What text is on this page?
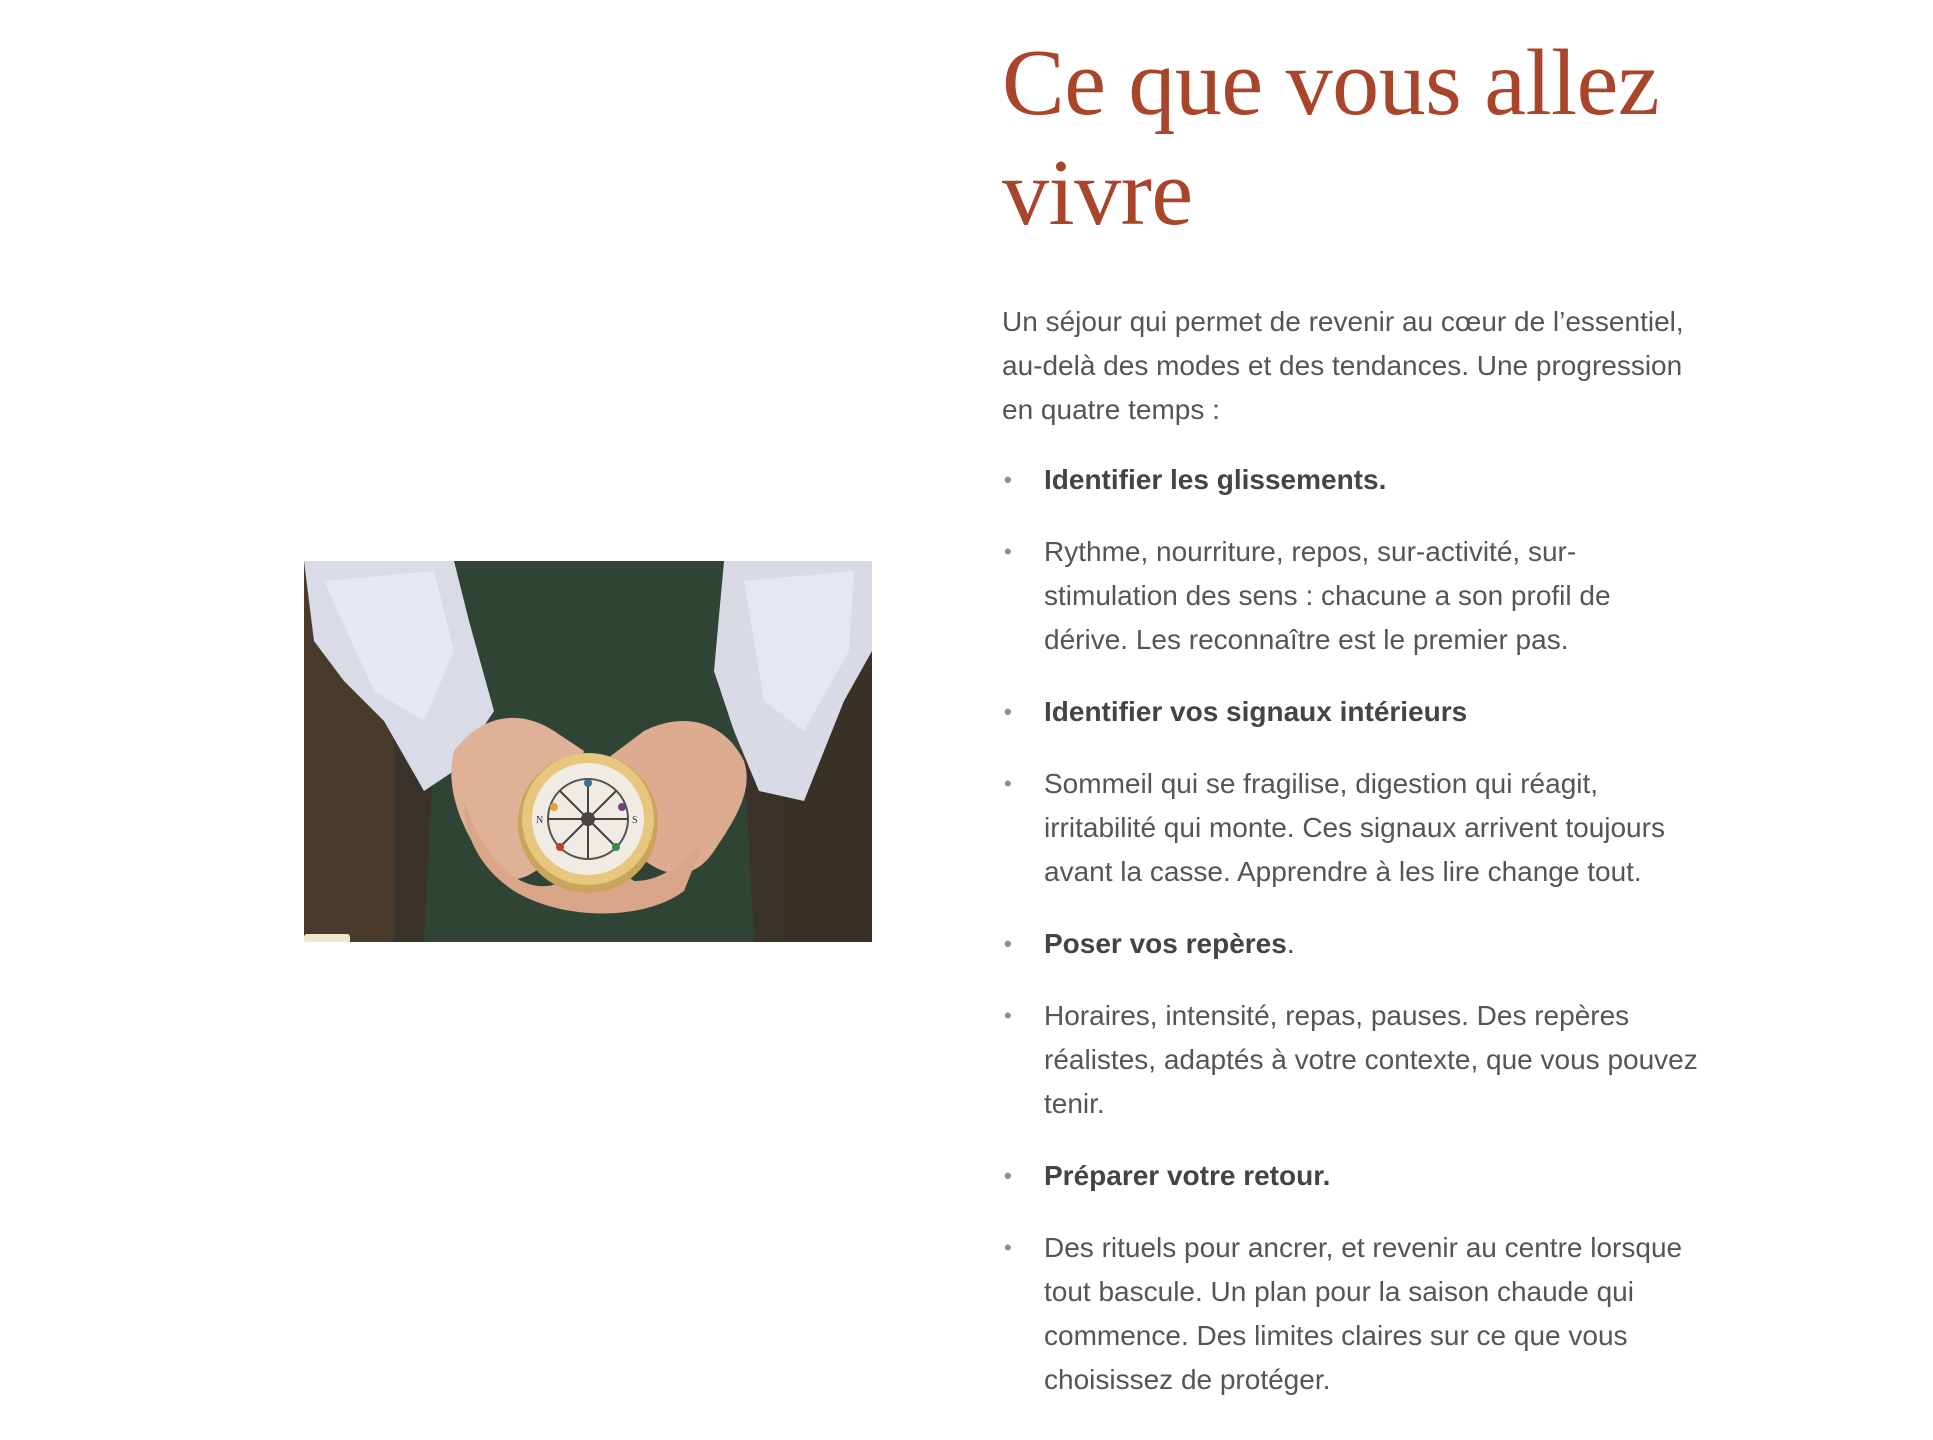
N	S
Ce que vous allez vivre

Un séjour qui permet de revenir au cœur de l’essentiel, au-delà des modes et des tendances. Une progression en quatre temps :

• Identifier les glissements.
• Rythme, nourriture, repos, sur-activité, sur-stimulation des sens : chacune a son profil de dérive. Les reconnaître est le premier pas.
• Identifier vos signaux intérieurs
• Sommeil qui se fragilise, digestion qui réagit, irritabilité qui monte. Ces signaux arrivent toujours avant la casse. Apprendre à les lire change tout.
• Poser vos repères.
• Horaires, intensité, repas, pauses. Des repères réalistes, adaptés à votre contexte, que vous pouvez tenir.
• Préparer votre retour.
• Des rituels pour ancrer, et revenir au centre lorsque tout bascule. Un plan pour la saison chaude qui commence. Des limites claires sur ce que vous choisissez de protéger.
